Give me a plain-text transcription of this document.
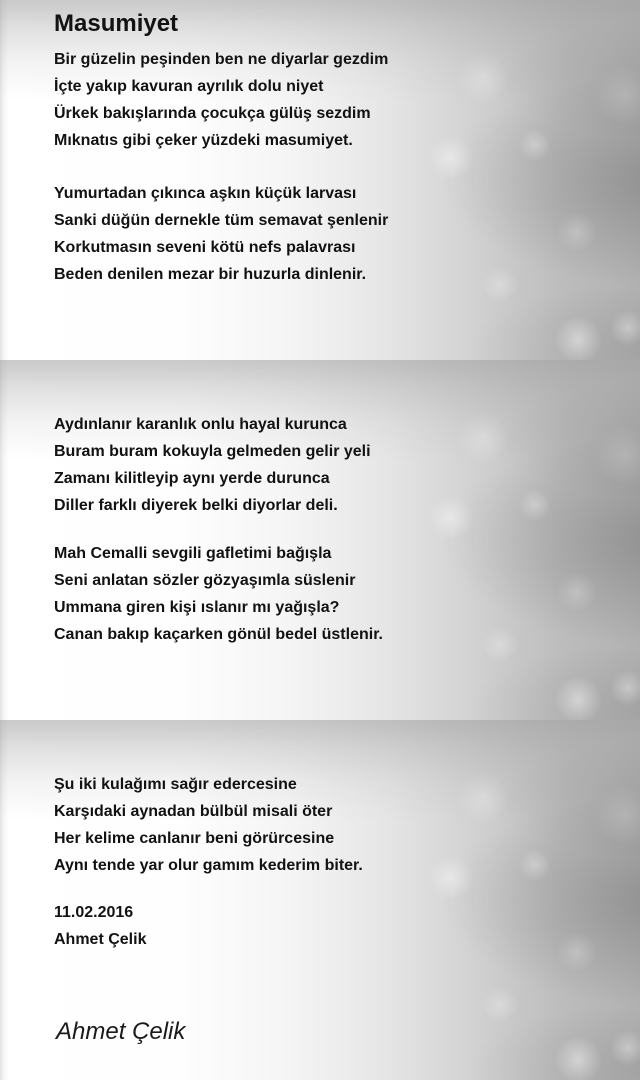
Masumiyet

Bir güzelin peşinden ben ne diyarlar gezdim

İçte yakıp kavuran ayrılık dolu niyet

Ürkek bakışlarında çocukça gülüş sezdim

Mıknatıs gibi çeker yüzdeki masumiyet.

Yumurtadan çıkınca aşkın küçük larvası

Sanki düğün dernekle tüm semavat şenlenir

Korkutmasın seveni kötü nefs palavrası

Beden denilen mezar bir huzurla dinlenir.

Aydınlanır karanlık onlu hayal kurunca

Buram buram kokuyla gelmeden gelir yeli

Zamanı kilitleyip aynı yerde durunca

Diller farklı diyerek belki diyorlar deli.

Mah Cemalli sevgili gafletimi bağışla

Seni anlatan sözler gözyaşımla süslenir

Ummana giren kişi ıslanır mı yağışla?

Canan bakıp kaçarken gönül bedel üstlenir.

Şu iki kulağımı sağır edercesine

Karşıdaki aynadan bülbül misali öter

Her kelime canlanır beni görürcesine

Aynı tende yar olur gamım kederim biter.

11.02.2016

Ahmet Çelik

Ahmet Çelik
